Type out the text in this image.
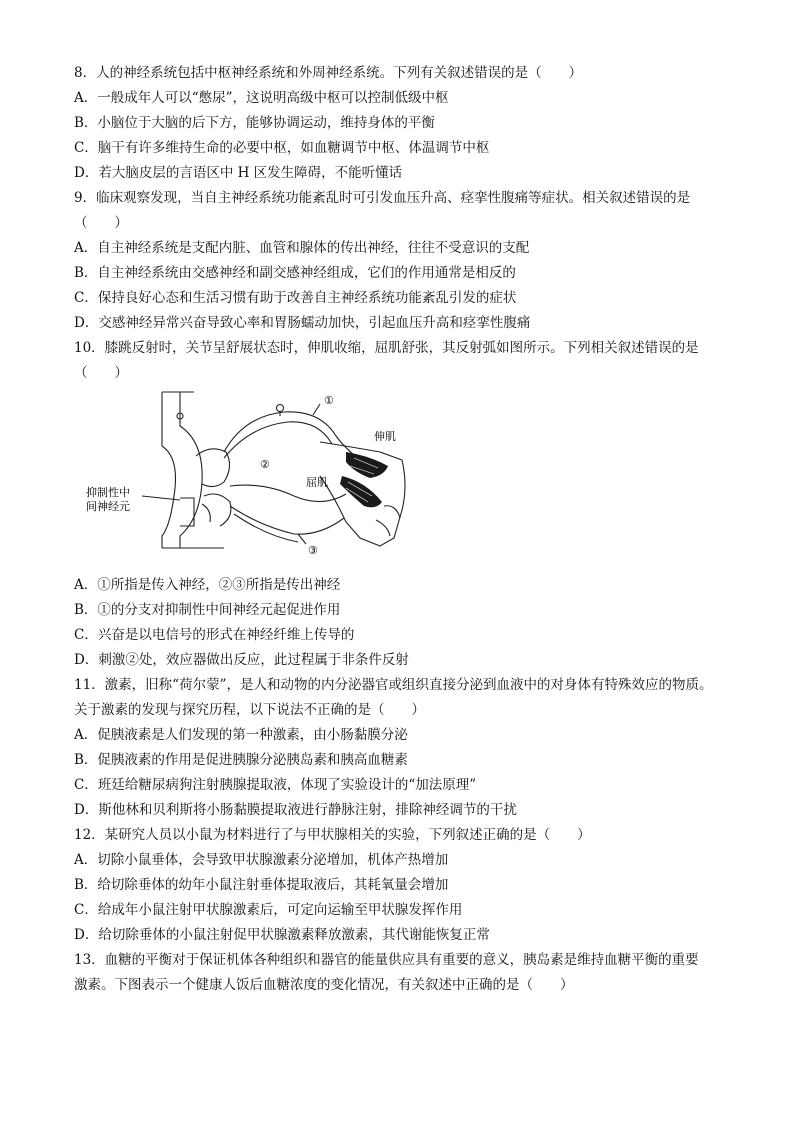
8．人的神经系统包括中枢神经系统和外周神经系统。下列有关叙述错误的是（　　）
A．一般成年人可以“憋尿”，这说明高级中枢可以控制低级中枢
B．小脑位于大脑的后下方，能够协调运动，维持身体的平衡
C．脑干有许多维持生命的必要中枢，如血糖调节中枢、体温调节中枢
D．若大脑皮层的言语区中 H 区发生障碍，不能听懂话
9．临床观察发现，当自主神经系统功能紊乱时可引发血压升高、痉挛性腹痛等症状。相关叙述错误的是
（　　）
A．自主神经系统是支配内脏、血管和腺体的传出神经，往往不受意识的支配
B．自主神经系统由交感神经和副交感神经组成，它们的作用通常是相反的
C．保持良好心态和生活习惯有助于改善自主神经系统功能紊乱引发的症状
D．交感神经异常兴奋导致心率和胃肠蠕动加快，引起血压升高和痉挛性腹痛
10．膝跳反射时，关节呈舒展状态时，伸肌收缩，屈肌舒张，其反射弧如图所示。下列相关叙述错误的是
（　　）
①
②
③
伸肌
屈肌
抑制性中
间神经元
A．①所指是传入神经，②③所指是传出神经
B．①的分支对抑制性中间神经元起促进作用
C．兴奋是以电信号的形式在神经纤维上传导的
D．刺激②处，效应器做出反应，此过程属于非条件反射
11．激素，旧称“荷尔蒙”，是人和动物的内分泌器官或组织直接分泌到血液中的对身体有特殊效应的物质。
关于激素的发现与探究历程，以下说法不正确的是（　　）
A．促胰液素是人们发现的第一种激素，由小肠黏膜分泌
B．促胰液素的作用是促进胰腺分泌胰岛素和胰高血糖素
C．班廷给糖尿病狗注射胰腺提取液，体现了实验设计的“加法原理”
D．斯他林和贝利斯将小肠黏膜提取液进行静脉注射，排除神经调节的干扰
12．某研究人员以小鼠为材料进行了与甲状腺相关的实验，下列叙述正确的是（　　）
A．切除小鼠垂体，会导致甲状腺激素分泌增加，机体产热增加
B．给切除垂体的幼年小鼠注射垂体提取液后，其耗氧量会增加
C．给成年小鼠注射甲状腺激素后，可定向运输至甲状腺发挥作用
D．给切除垂体的小鼠注射促甲状腺激素释放激素，其代谢能恢复正常
13．血糖的平衡对于保证机体各种组织和器官的能量供应具有重要的意义，胰岛素是维持血糖平衡的重要
激素。下图表示一个健康人饭后血糖浓度的变化情况，有关叙述中正确的是（　　）
